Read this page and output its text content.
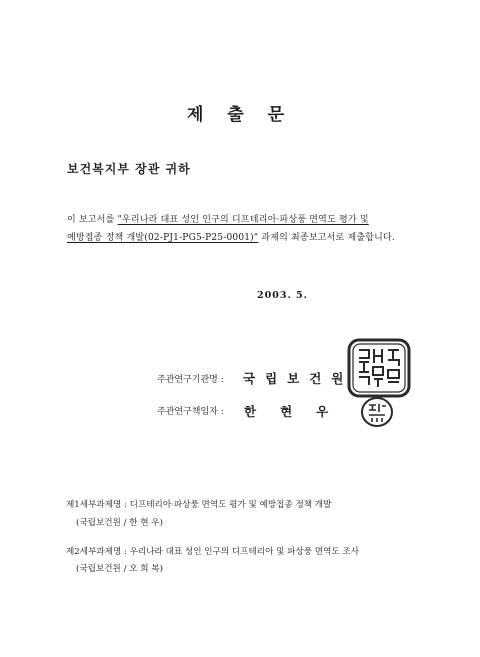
제 출 문
보건복지부 장관 귀하
이 보고서를 "우리나라 대표 성인 인구의 디프테리아·파상풍 면역도 평가 및
예방접종 정책 개발(02-PJ1-PG5-P25-0001)" 과제의 최종보고서로 제출합니다.
2003. 5.
주관연구기관명 : 국립보건원
주관연구책임자 : 한현우
제1세부과제명 : 디프테리아·파상풍 면역도 평가 및 예방접종 정책 개발
(국립보건원 / 한 현 우)
제2세부과제명 : 우리나라 대표 성인 인구의 디프테리아 및 파상풍 면역도 조사
(국립보건원 / 오 희 복)
